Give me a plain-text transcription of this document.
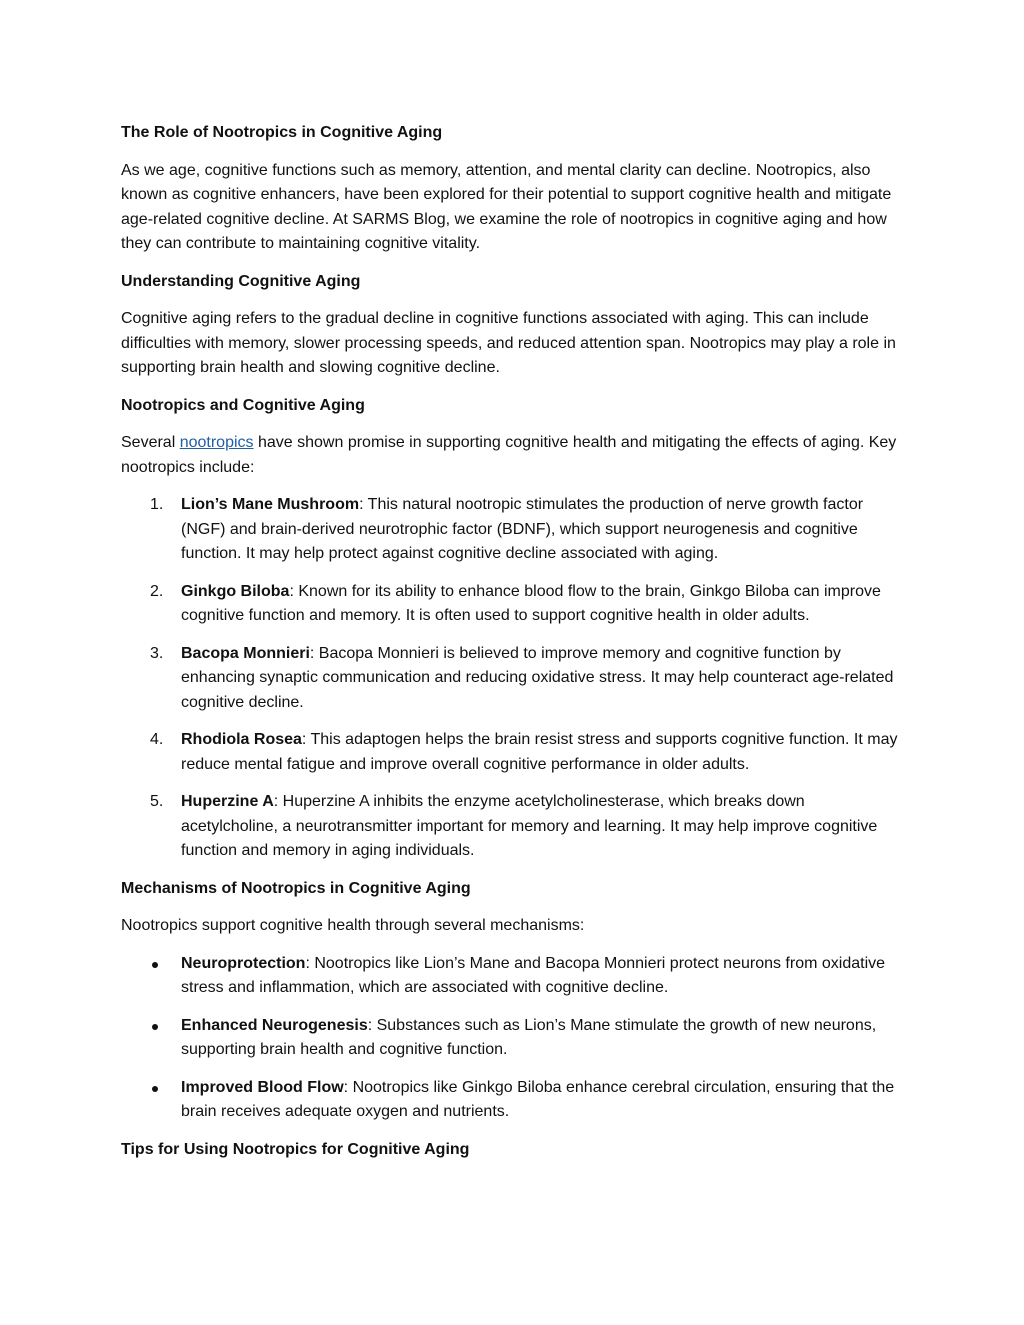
The Role of Nootropics in Cognitive Aging
As we age, cognitive functions such as memory, attention, and mental clarity can decline. Nootropics, also known as cognitive enhancers, have been explored for their potential to support cognitive health and mitigate age-related cognitive decline. At SARMS Blog, we examine the role of nootropics in cognitive aging and how they can contribute to maintaining cognitive vitality.
Understanding Cognitive Aging
Cognitive aging refers to the gradual decline in cognitive functions associated with aging. This can include difficulties with memory, slower processing speeds, and reduced attention span. Nootropics may play a role in supporting brain health and slowing cognitive decline.
Nootropics and Cognitive Aging
Several nootropics have shown promise in supporting cognitive health and mitigating the effects of aging. Key nootropics include:
1. Lion’s Mane Mushroom: This natural nootropic stimulates the production of nerve growth factor (NGF) and brain-derived neurotrophic factor (BDNF), which support neurogenesis and cognitive function. It may help protect against cognitive decline associated with aging.
2. Ginkgo Biloba: Known for its ability to enhance blood flow to the brain, Ginkgo Biloba can improve cognitive function and memory. It is often used to support cognitive health in older adults.
3. Bacopa Monnieri: Bacopa Monnieri is believed to improve memory and cognitive function by enhancing synaptic communication and reducing oxidative stress. It may help counteract age-related cognitive decline.
4. Rhodiola Rosea: This adaptogen helps the brain resist stress and supports cognitive function. It may reduce mental fatigue and improve overall cognitive performance in older adults.
5. Huperzine A: Huperzine A inhibits the enzyme acetylcholinesterase, which breaks down acetylcholine, a neurotransmitter important for memory and learning. It may help improve cognitive function and memory in aging individuals.
Mechanisms of Nootropics in Cognitive Aging
Nootropics support cognitive health through several mechanisms:
Neuroprotection: Nootropics like Lion’s Mane and Bacopa Monnieri protect neurons from oxidative stress and inflammation, which are associated with cognitive decline.
Enhanced Neurogenesis: Substances such as Lion’s Mane stimulate the growth of new neurons, supporting brain health and cognitive function.
Improved Blood Flow: Nootropics like Ginkgo Biloba enhance cerebral circulation, ensuring that the brain receives adequate oxygen and nutrients.
Tips for Using Nootropics for Cognitive Aging
